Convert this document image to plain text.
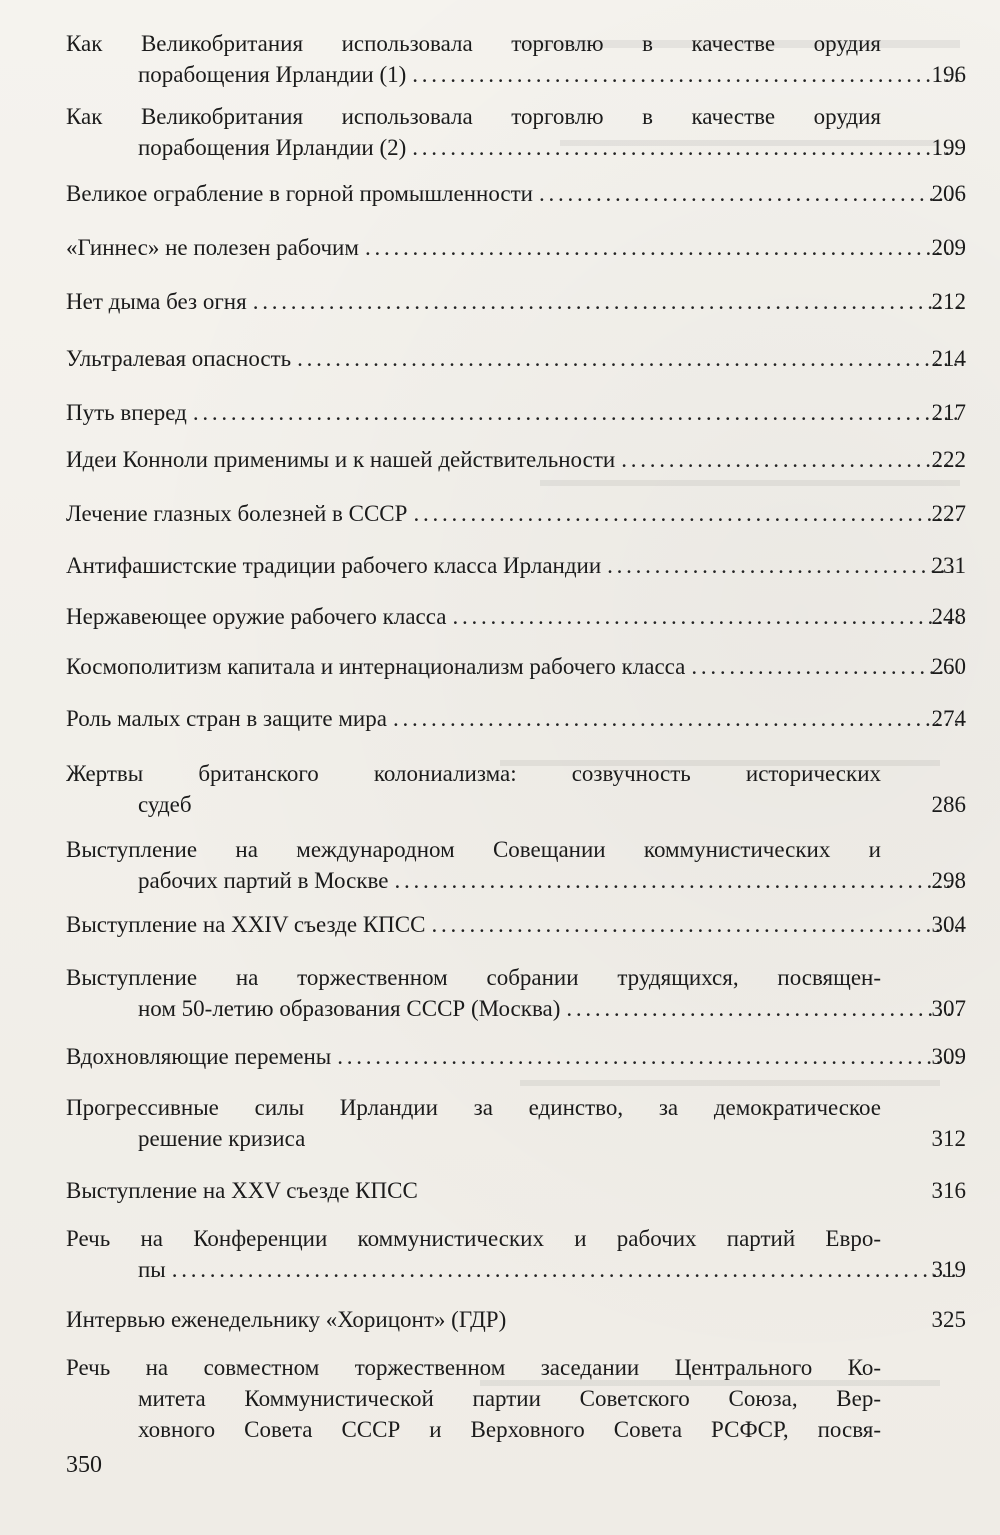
Как Великобритания использовала торговлю в качестве орудия
порабощения Ирландии (1) . . .	196
Как Великобритания использовала торговлю в качестве орудия
порабощения Ирландии (2) . . .	199
Великое ограбление в горной промышленности . . .	206
«Гиннес» не полезен рабочим . . .	209
Нет дыма без огня . . .	212
Ультралевая опасность . . .	214
Путь вперед . . .	217
Идеи Конноли применимы и к нашей действительности . . .	222
Лечение глазных болезней в СССР . . .	227
Антифашистские традиции рабочего класса Ирландии . . .	231
Нержавеющее оружие рабочего класса . . .	248
Космополитизм капитала и интернационализм рабочего класса . . .	260
Роль малых стран в защите мира . . .	274
Жертвы британского колониализма: созвучность исторических
судеб	286
Выступление на международном Совещании коммунистических и
рабочих партий в Москве . . .	298
Выступление на XXIV съезде КПСС . . .	304
Выступление на торжественном собрании трудящихся, посвящен-
ном 50-летию образования СССР (Москва) . . .	307
Вдохновляющие перемены . . .	309
Прогрессивные силы Ирландии за единство, за демократическое
решение кризиса	312
Выступление на XXV съезде КПСС	316
Речь на Конференции коммунистических и рабочих партий Евро-
пы . . .	319
Интервью еженедельнику «Хорицонт» (ГДР)	325
Речь на совместном торжественном заседании Центрального Ко-
митета Коммунистической партии Советского Союза, Вер-
ховного Совета СССР и Верховного Совета РСФСР, посвя-
350
